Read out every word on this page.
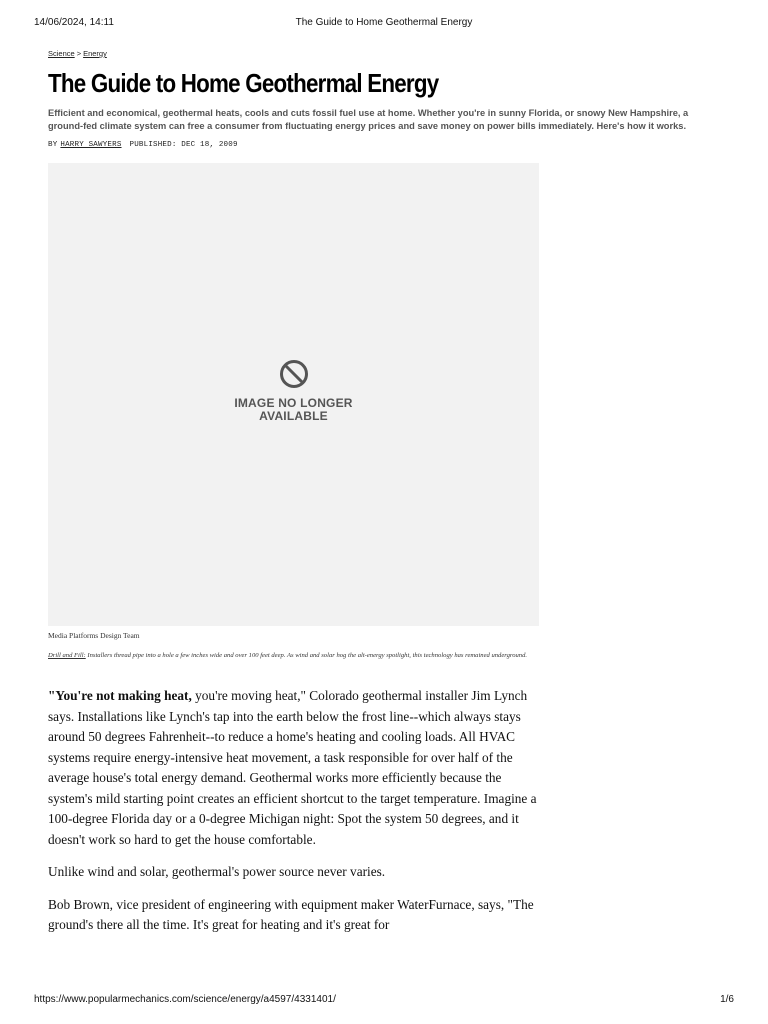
14/06/2024, 14:11	The Guide to Home Geothermal Energy
Science > Energy
The Guide to Home Geothermal Energy
Efficient and economical, geothermal heats, cools and cuts fossil fuel use at home. Whether you're in sunny Florida, or snowy New Hampshire, a ground-fed climate system can free a consumer from fluctuating energy prices and save money on power bills immediately. Here's how it works.
BY HARRY SAWYERS PUBLISHED: DEC 18, 2009
IMAGE NO LONGER
AVAILABLE
Media Platforms Design Team
Drill and Fill: Installers thread pipe into a hole a few inches wide and over 100 feet deep. As wind and solar hog the alt-energy spotlight, this technology has remained underground.

"You're not making heat, you're moving heat," Colorado geothermal installer Jim Lynch says. Installations like Lynch's tap into the earth below the frost line--which always stays around 50 degrees Fahrenheit--to reduce a home's heating and cooling loads. All HVAC systems require energy-intensive heat movement, a task responsible for over half of the average house's total energy demand. Geothermal works more efficiently because the system's mild starting point creates an efficient shortcut to the target temperature. Imagine a 100-degree Florida day or a 0-degree Michigan night: Spot the system 50 degrees, and it doesn't work so hard to get the house comfortable.

Unlike wind and solar, geothermal's power source never varies.

Bob Brown, vice president of engineering with equipment maker WaterFurnace, says, "The ground's there all the time. It's great for heating and it's great for

https://www.popularmechanics.com/science/energy/a4597/4331401/	1/6
